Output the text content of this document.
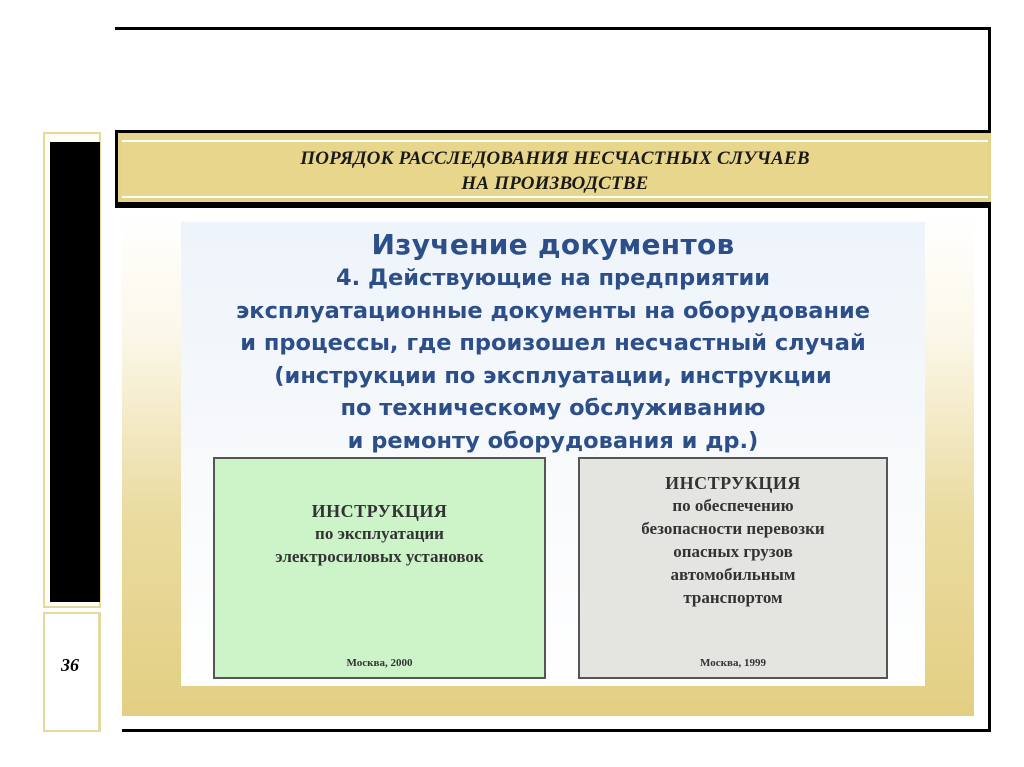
36
ПОРЯДОК РАССЛЕДОВАНИЯ НЕСЧАСТНЫХ СЛУЧАЕВ
НА ПРОИЗВОДСТВЕ
Изучение документов
4. Действующие на предприятии
эксплуатационные документы на оборудование
и процессы, где произошел несчастный случай
(инструкции по эксплуатации, инструкции
по техническому обслуживанию
и ремонту оборудования и др.)
ИНСТРУКЦИЯ
по эксплуатации
электросиловых установок
Москва, 2000
ИНСТРУКЦИЯ
по обеспечению
безопасности перевозки
опасных грузов
автомобильным
транспортом
Москва, 1999
